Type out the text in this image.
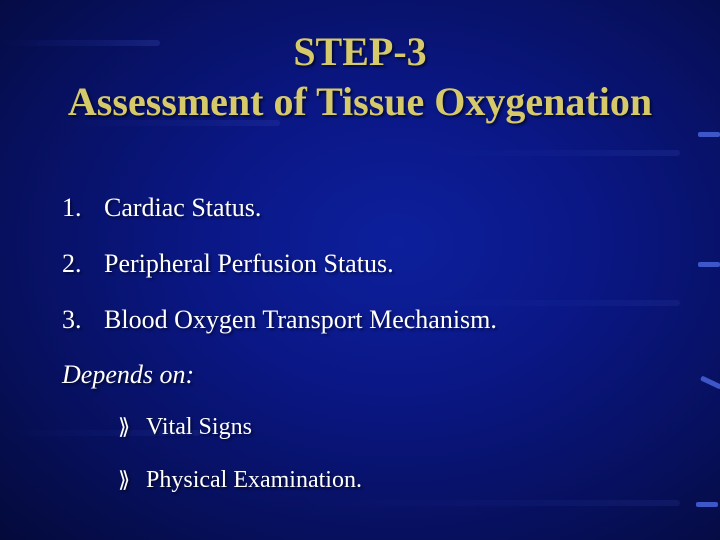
STEP-3
Assessment of Tissue Oxygenation
1. Cardiac Status.
2. Peripheral Perfusion Status.
3. Blood Oxygen Transport Mechanism.
Depends on:
⟫ Vital Signs
⟫ Physical Examination.
